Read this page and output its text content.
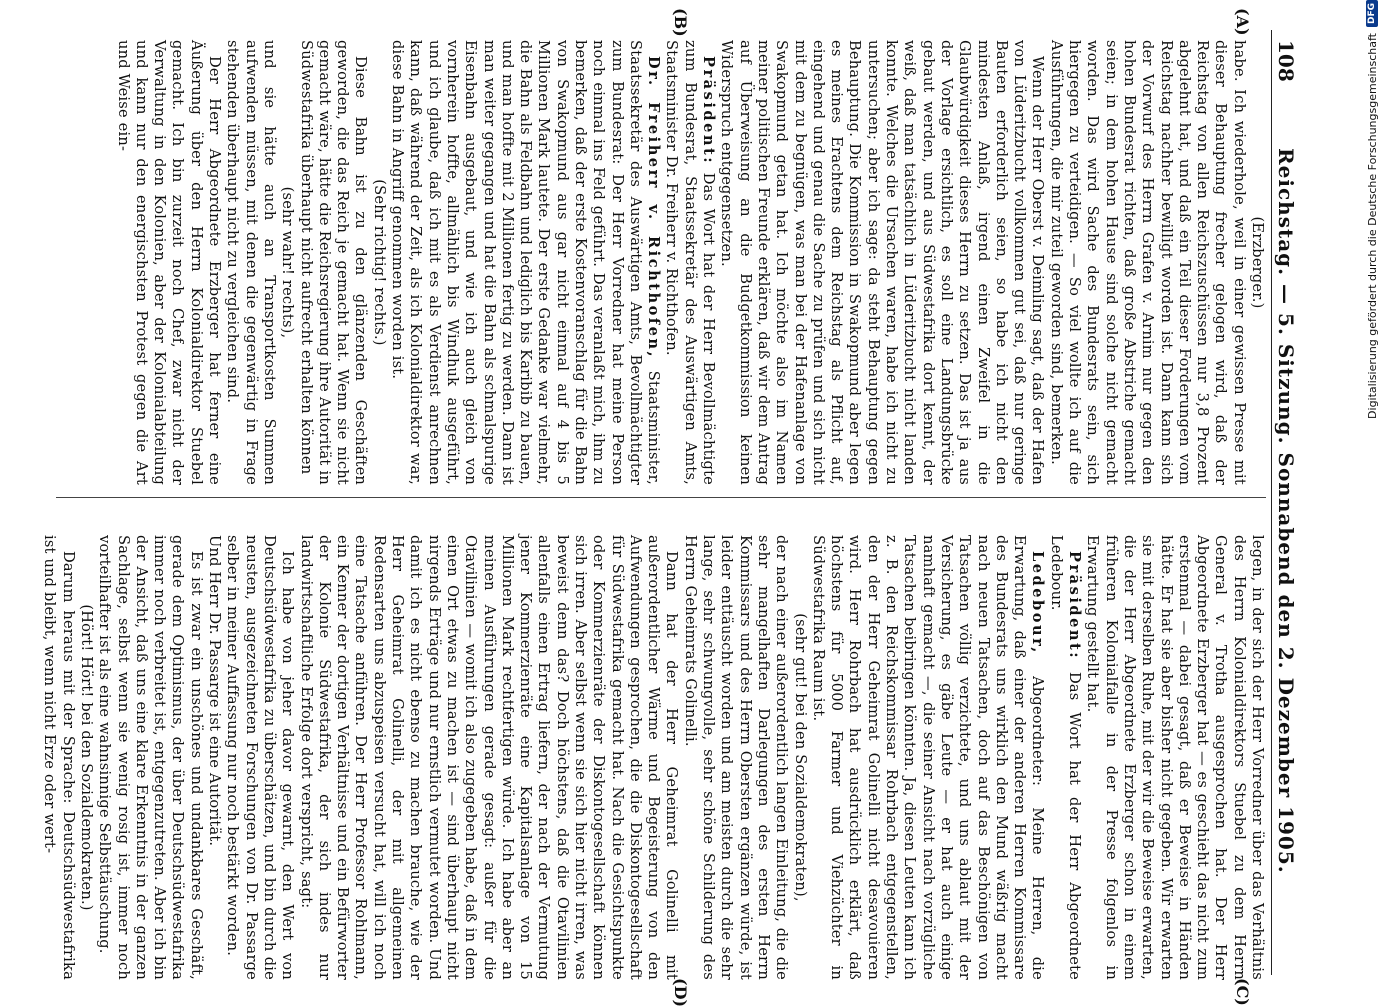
108
Reichstag. — 5. Sitzung. Sonnabend den 2. Dezember 1905.
(A)
(B)
(C)
(D)

(Erzberger.)

habe. Ich wiederhole, weil in einer gewissen Presse mit dieser Behauptung frecher gelogen wird, daß der Reichstag von allen Reichszuschüssen nur 3,8 Prozent abgelehnt hat, und daß ein Teil dieser Forderungen vom Reichstag nachher bewilligt worden ist. Dann kann sich der Vorwurf des Herrn Grafen v. Arnim nur gegen den hohen Bundesrat richten, daß große Abstriche gemacht seien; in dem hohen Hause sind solche nicht gemacht worden. Das wird Sache des Bundesrats sein, sich hiergegen zu verteidigen. — So viel wollte ich auf die Ausführungen, die mir zuteil geworden sind, bemerken.

Wenn der Herr Oberst v. Deimling sagt, daß der Hafen von Lüderitzbucht vollkommen gut sei, daß nur geringe Bauten erforderlich seien, so habe ich nicht den mindesten Anlaß, irgend einen Zweifel in die Glaubwürdigkeit dieses Herrn zu setzen. Das ist ja aus der Vorlage ersichtlich, es soll eine Landungsbrücke gebaut werden, und aus Südwestafrika dort kennt, der weiß, daß man tatsächlich in Lüderitzbucht nicht landen konnte. Welches die Ursachen waren, habe ich nicht zu untersuchen; aber ich sage: da steht Behauptung gegen Behauptung. Die Kommission in Swakopmund aber legen es meines Erachtens dem Reichstag als Pflicht auf, eingehend und genau die Sache zu prüfen und sich nicht mit dem zu begnügen, was man bei der Hafenanlage von Swakopmund getan hat. Ich möchte also im Namen meiner politischen Freunde erklären, daß wir dem Antrag auf Überweisung an die Budgetkommission keinen Widerspruch entgegensetzen.

Präsident: Das Wort hat der Herr Bevollmächtigte zum Bundesrat, Staatssekretär des Auswärtigen Amts, Staatsminister Dr. Freiherr v. Richthofen.

Dr. Freiherr v. Richthofen, Staatsminister, Staatssekretär des Auswärtigen Amts, Bevollmächtigter zum Bundesrat: Der Herr Vorredner hat meine Person noch einmal ins Feld geführt. Das veranlaßt mich, ihm zu bemerken, daß der erste Kostenvoranschlag für die Bahn von Swakopmund aus gar nicht einmal auf 4 bis 5 Millionen Mark lautete. Der erste Gedanke war vielmehr, die Bahn als Feldbahn und lediglich bis Karibib zu bauen, und man hoffte mit 2 Millionen fertig zu werden. Dann ist man weiter gegangen und hat die Bahn als schmalspurige Eisenbahn ausgebaut, und wie ich auch gleich von vornherein hoffte, allmählich bis Windhuk ausgeführt, und ich glaube, daß ich mit es als Verdienst anrechnen kann, daß während der Zeit, als ich Kolonialdirektor war, diese Bahn in Angriff genommen worden ist.

(Sehr richtig! rechts.)

Diese Bahn ist zu den glänzenden Geschäften geworden, die das Reich je gemacht hat. Wenn sie nicht gemacht wäre, hätte die Reichsregierung ihre Autorität in Südwestafrika überhaupt nicht aufrecht erhalten können

(sehr wahr! rechts),

und sie hätte auch an Transportkosten Summen aufwenden müssen, mit denen die gegenwärtig in Frage stehenden überhaupt nicht zu vergleichen sind.

Der Herr Abgeordnete Erzberger hat ferner eine Äußerung über den Herrn Kolonialdirektor Stuebel gemacht. Ich bin zurzeit noch Chef, zwar nicht der Verwaltung in den Kolonien, aber der Kolonialabteilung und kann nur den energischsten Protest gegen die Art und Weise ein-

legen, in der sich der Herr Vorredner über das Verhältnis des Herrn Kolonialdirektors Stuebel zu dem Herrn General v. Trotha ausgesprochen hat. Der Herr Abgeordnete Erzberger hat — es geschieht das nicht zum erstenmal — dabei gesagt, daß er Beweise in Händen hätte. Er hat sie aber bisher nicht gegeben. Wir erwarten sie mit derselben Ruhe, mit der wir die Beweise erwarten, die der Herr Abgeordnete Erzberger schon in einem früheren Kolonialfalle in der Presse folgenlos in Erwartung gestellt hat.

Präsident: Das Wort hat der Herr Abgeordnete Ledebour.

Ledebour, Abgeordneter: Meine Herren, die Erwartung, daß einer der anderen Herren Kommissare des Bundesrats uns wirklich den Mund wäßrig macht nach neuen Tatsachen, doch auf das Beschönigen von Tatsachen völlig verzichtete, und uns ablaut mit der Versicherung, es gäbe Leute — er hat auch einige namhaft gemacht —, die seiner Ansicht nach vorzügliche Tatsachen beibringen könnten. Ja, diesen Leuten kann ich z. B. den Reichskommissar Rohrbach entgegenstellen, den der Herr Geheimrat Golinelli nicht desavouieren wird. Herr Rohrbach hat ausdrücklich erklärt, daß höchstens für 5000 Farmer und Viehzüchter in Südwestafrika Raum ist.

(sehr gut! bei den Sozialdemokraten),

der nach einer außerordentlich langen Einleitung, die die sehr mangelhaften Darlegungen des ersten Herrn Kommissars und des Herrn Obersten ergänzen würde, ist leider enttäuscht worden und am meisten durch die sehr lange, sehr schwungvolle, sehr schöne Schilderung des Herrn Geheimrats Golinelli.

Dann hat der Herr Geheimrat Golinelli mit außerordentlicher Wärme und Begeisterung von den Aufwendungen gesprochen, die die Diskontogesellschaft für Südwestafrika gemacht hat. Nach die Gesichtspunkte oder Kommerzienräte der Diskontogesellschaft können sich irren. Aber selbst wenn sie sich hier nicht irren, was beweist denn das? Doch höchstens, daß die Otavilinien allenfalls einen Ertrag liefern, der nach der Vermutung jener Kommerzienräte eine Kapitalsanlage von 15 Millionen Mark rechtfertigen würde. Ich habe aber an meinen Ausführungen gerade gesagt: außer für die Otavilinien — womit ich also zugegeben habe, daß in dem einen Ort etwas zu machen ist — sind überhaupt nicht nirgends Erträge und nur ernstlich vermutet worden. Und damit ich es nicht ebenso zu machen brauche, wie der Herr Geheimrat Golinelli, der mit allgemeinen Redensarten uns abzuspeisen versucht hat, will ich noch eine Tatsache anführen. Der Herr Professor Rohlmann, ein Kenner der dortigen Verhältnisse und ein Befürworter der Kolonie Südwestafrika, der sich indes nur landwirtschaftliche Erfolge dort verspricht, sagt:

Ich habe von jeher davor gewarnt, den Wert von Deutschsüdwestafrika zu überschätzen, und bin durch die neusten, ausgezeichneten Forschungen von Dr. Passarge selber in meiner Auffassung nur noch bestärkt worden.

Und Herr Dr. Passarge ist eine Autorität.

Es ist zwar ein unschönes und undankbares Geschäft, gerade dem Optimismus, der über Deutschsüdwestafrika immer noch verbreitet ist, entgegenzutreten. Aber ich bin der Ansicht, daß uns eine klare Erkenntnis in der ganzen Sachlage, selbst wenn sie wenig rosig ist, immer noch vorteilhafter ist als eine wahnsinnige Selbsttäuschung.

(Hört! Hört! bei den Sozialdemokraten.)

Darum heraus mit der Sprache: Deutschsüdwestafrika ist und bleibt, wenn nicht Erze oder wert-

Digitalisierung gefördert durch die Deutsche Forschungsgemeinschaft
DFG
